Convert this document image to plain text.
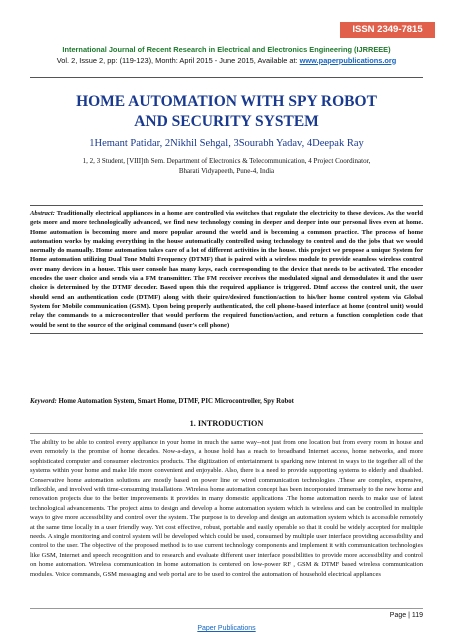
ISSN 2349-7815
International Journal of Recent Research in Electrical and Electronics Engineering (IJRREEE)
Vol. 2, Issue 2, pp: (119-123), Month: April 2015 - June 2015, Available at: www.paperpublications.org
HOME AUTOMATION WITH SPY ROBOT
AND SECURITY SYSTEM
1Hemant Patidar, 2Nikhil Sehgal, 3Sourabh Yadav, 4Deepak Ray
1, 2, 3 Student, [VIII]th Sem. Department of Electronics & Telecommunication, 4 Project Coordinator,
Bharati Vidyapeeth, Pune-4, India
Abstract: Traditionally electrical appliances in a home are controlled via switches that regulate the electricity to these devices. As the world gets more and more technologically advanced, we find new technology coming in deeper and deeper into our personal lives even at home. Home automation is becoming more and more popular around the world and is becoming a common practice. The process of home automation works by making everything in the house automatically controlled using technology to control and do the jobs that we would normally do manually. Home automation takes care of a lot of different activities in the house. this project we propose a unique System for Home automation utilizing Dual Tone Multi Frequency (DTMF) that is paired with a wireless module to provide seamless wireless control over many devices in a house. This user console has many keys, each corresponding to the device that needs to be activated. The encoder encodes the user choice and sends via a FM transmitter. The FM receiver receives the modulated signal and demodulates it and the user choice is determined by the DTMF decoder. Based upon this the required appliance is triggered. Dtmf access the control unit, the user should send an authentication code (DTMF) along with their quire/desired function/action to his/her home control system via Global System for Mobile communication (GSM). Upon being properly authenticated, the cell phone-based interface at home (control unit) would relay the commands to a microcontroller that would perform the required function/action, and return a function completion code that would be sent to the source of the original command (user's cell phone)
Keyword: Home Automation System, Smart Home, DTMF, PIC Microcontroller, Spy Robot
1. INTRODUCTION
The ability to be able to control every appliance in your home in much the same way--not just from one location but from every room in house and even remotely is the promise of home decades. Now-a-days, a house hold has a reach to broadband Internet access, home networks, and more sophisticated computer and consumer electronics products. The digitization of entertainment is sparking new interest in ways to tie together all of the systems within your home and make life more convenient and enjoyable. Also, there is a need to provide supporting systems to elderly and disabled. Conservative home automation solutions are mostly based on power line or wired communication technologies .These are complex, expensive, inflexible, and involved with time-consuming installations .Wireless home automation concept has been incorporated immensely to the new home and renovation projects due to the better improvements it provides in many domestic applications .The home automation needs to make use of latest technological advancements. The project aims to design and develop a home automation system which is wireless and can be controlled in multiple ways to give more accessibility and control over the system. The purpose is to develop and design an automation system which is accessible remotely at the same time locally in a user friendly way. Yet cost effective, robust, portable and easily operable so that it could be widely accepted for multiple needs. A single monitoring and control system will be developed which could be used, consumed by multiple user interface providing accessibility and control to the user. The objective of the proposed method is to use current technology components and implement it with communication technologies like GSM, Internet and speech recognition and to research and evaluate different user interface possibilities to provide more accessibility and control on home automation. Wireless communication in home automation is centered on low-power RF , GSM & DTMF based wireless communication modules. Voice commands, GSM messaging and web portal are to be used to control the automation of household electrical appliances
Page | 119
Paper Publications
